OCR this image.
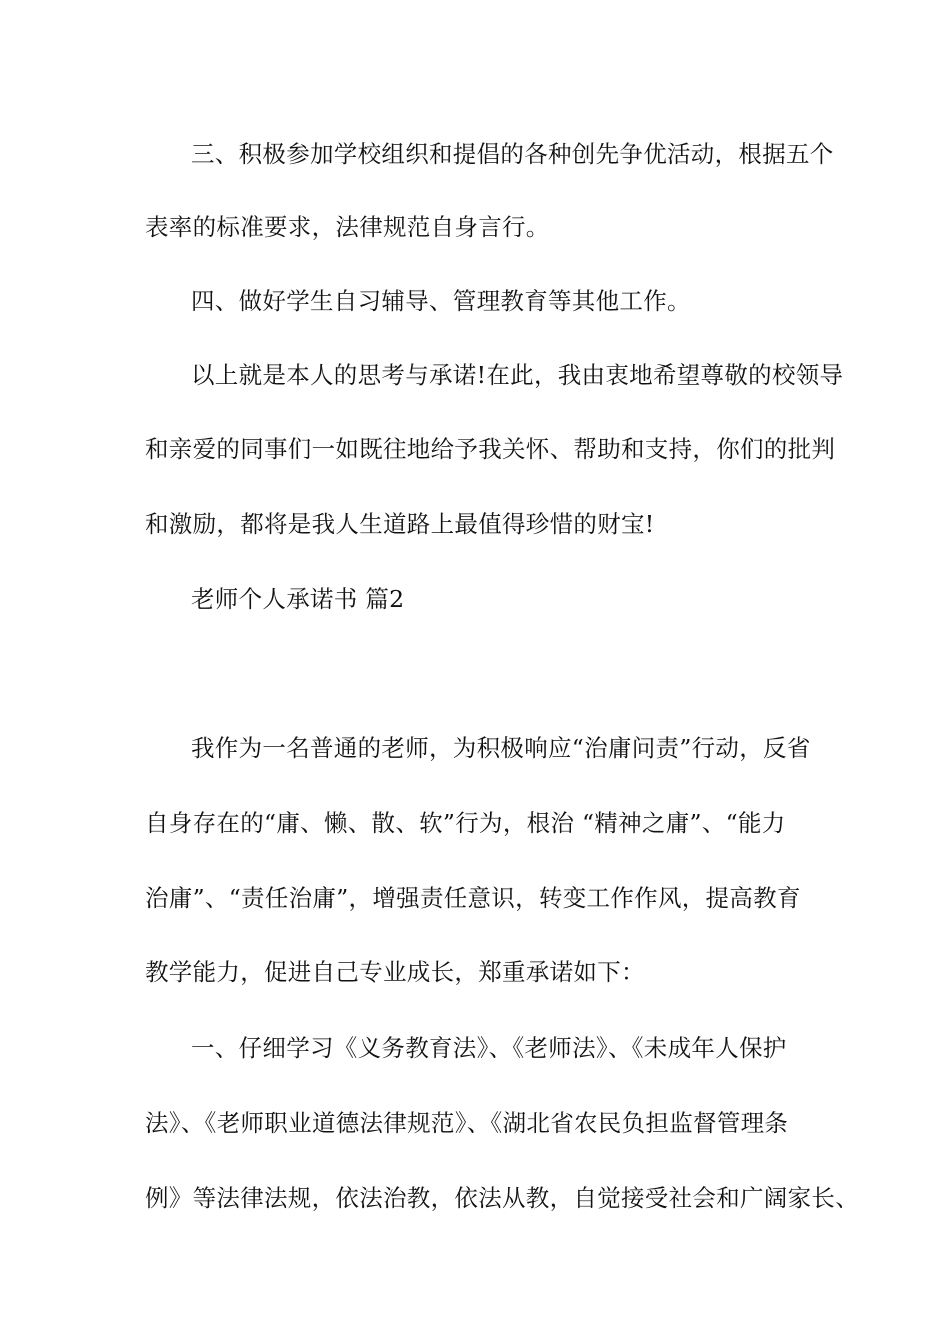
三、积极参加学校组织和提倡的各种创先争优活动，根据五个
表率的标准要求，法律规范自身言行。
四、做好学生自习辅导、管理教育等其他工作。
以上就是本人的思考与承诺!在此，我由衷地希望尊敬的校领导
和亲爱的同事们一如既往地给予我关怀、帮助和支持，你们的批判
和激励，都将是我人生道路上最值得珍惜的财宝!
老师个人承诺书 篇2
我作为一名普通的老师，为积极响应“治庸问责”行动，反省
自身存在的“庸、懒、散、软”行为，根治 “精神之庸”、“能力
治庸”、“责任治庸”，增强责任意识，转变工作作风，提高教育
教学能力，促进自己专业成长，郑重承诺如下：
一、仔细学习《义务教育法》、《老师法》、《未成年人保护
法》、《老师职业道德法律规范》、《湖北省农民负担监督管理条
例》等法律法规，依法治教，依法从教，自觉接受社会和广阔家长、
